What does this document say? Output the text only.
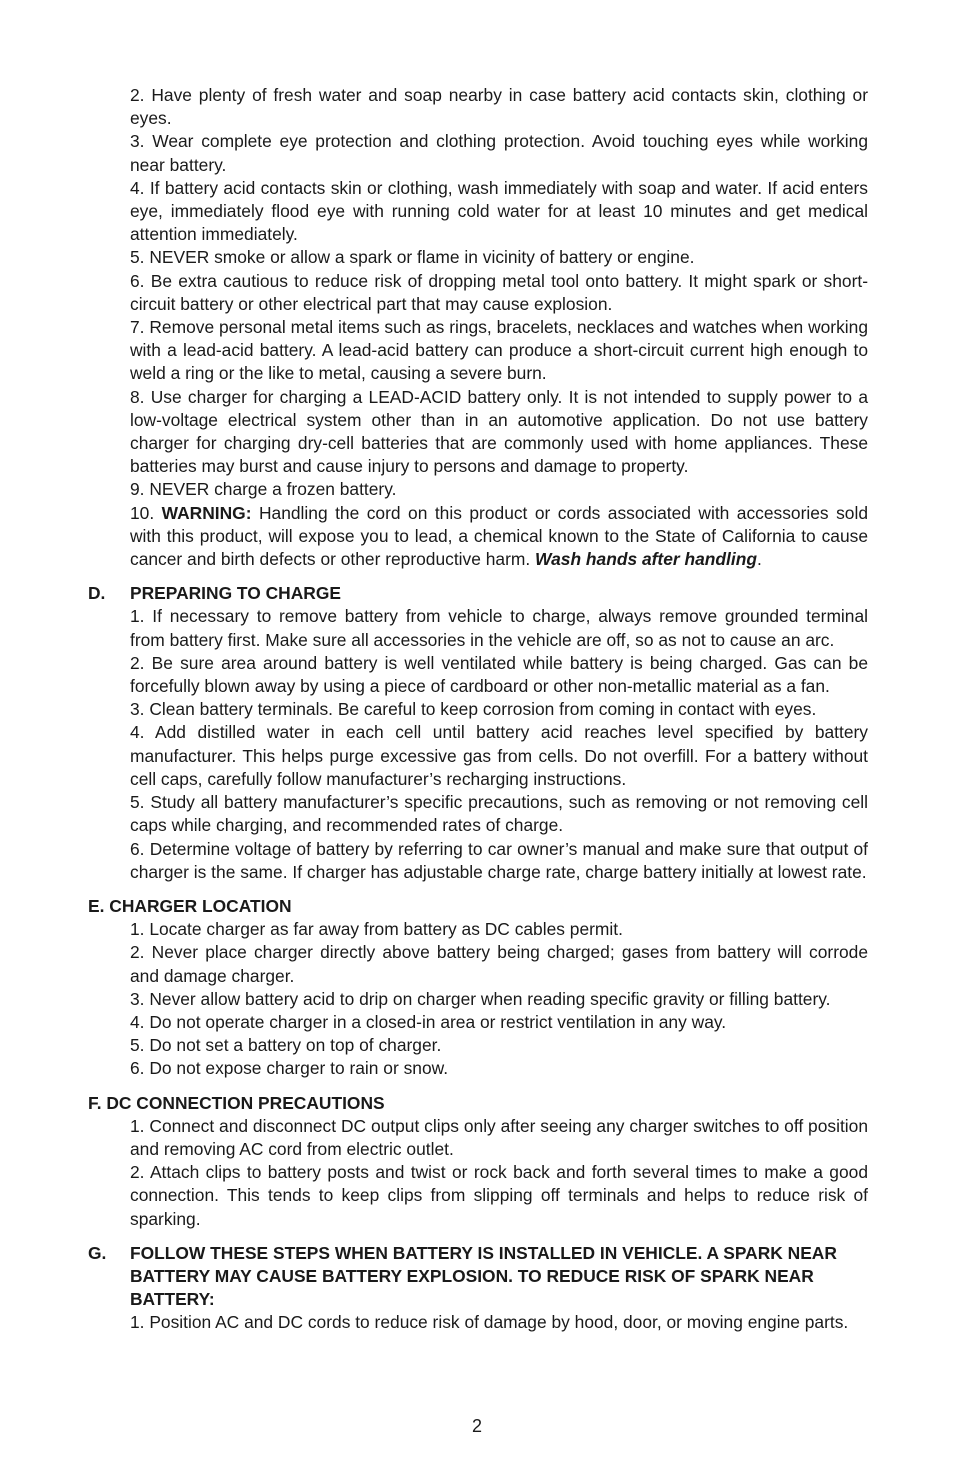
2. Have plenty of fresh water and soap nearby in case battery acid contacts skin, clothing or eyes.

3. Wear complete eye protection and clothing protection. Avoid touching eyes while working near battery.

4. If battery acid contacts skin or clothing, wash immediately with soap and water. If acid enters eye, immediately flood eye with running cold water for at least 10 minutes and get medical attention immediately.

5. NEVER smoke or allow a spark or flame in vicinity of battery or engine.

6. Be extra cautious to reduce risk of dropping metal tool onto battery. It might spark or short-circuit battery or other electrical part that may cause explosion.

7. Remove personal metal items such as rings, bracelets, necklaces and watches when working with a lead-acid battery. A lead-acid battery can produce a short-circuit current high enough to weld a ring or the like to metal, causing a severe burn.

8. Use charger for charging a LEAD-ACID battery only. It is not intended to supply power to a low-voltage electrical system other than in an automotive application. Do not use battery charger for charging dry-cell batteries that are commonly used with home appliances. These batteries may burst and cause injury to persons and damage to property.

9. NEVER charge a frozen battery.

10. WARNING: Handling the cord on this product or cords associated with accessories sold with this product, will expose you to lead, a chemical known to the State of California to cause cancer and birth defects or other reproductive harm. Wash hands after handling.

D.	PREPARING TO CHARGE

1. If necessary to remove battery from vehicle to charge, always remove grounded terminal from battery first. Make sure all accessories in the vehicle are off, so as not to cause an arc.

2. Be sure area around battery is well ventilated while battery is being charged. Gas can be forcefully blown away by using a piece of cardboard or other non-metallic material as a fan.

3. Clean battery terminals. Be careful to keep corrosion from coming in contact with eyes.

4. Add distilled water in each cell until battery acid reaches level specified by battery manufacturer. This helps purge excessive gas from cells. Do not overfill. For a battery without cell caps, carefully follow manufacturer’s recharging instructions.

5. Study all battery manufacturer’s specific precautions, such as removing or not removing cell caps while charging, and recommended rates of charge.

6. Determine voltage of battery by referring to car owner’s manual and make sure that output of charger is the same. If charger has adjustable charge rate, charge battery initially at lowest rate.

E. CHARGER LOCATION

1. Locate charger as far away from battery as DC cables permit.

2. Never place charger directly above battery being charged; gases from battery will corrode and damage charger.

3. Never allow battery acid to drip on charger when reading specific gravity or filling battery.

4. Do not operate charger in a closed-in area or restrict ventilation in any way.

5. Do not set a battery on top of charger.

6. Do not expose charger to rain or snow.

F. DC CONNECTION PRECAUTIONS

1. Connect and disconnect DC output clips only after seeing any charger switches to off position and removing AC cord from electric outlet.

2. Attach clips to battery posts and twist or rock back and forth several times to make a good connection. This tends to keep clips from slipping off terminals and helps to reduce risk of sparking.

G.	FOLLOW THESE STEPS WHEN BATTERY IS INSTALLED IN VEHICLE. A SPARK NEAR BATTERY MAY CAUSE BATTERY EXPLOSION. TO REDUCE RISK OF SPARK NEAR BATTERY:

1. Position AC and DC cords to reduce risk of damage by hood, door, or moving engine parts.

2
